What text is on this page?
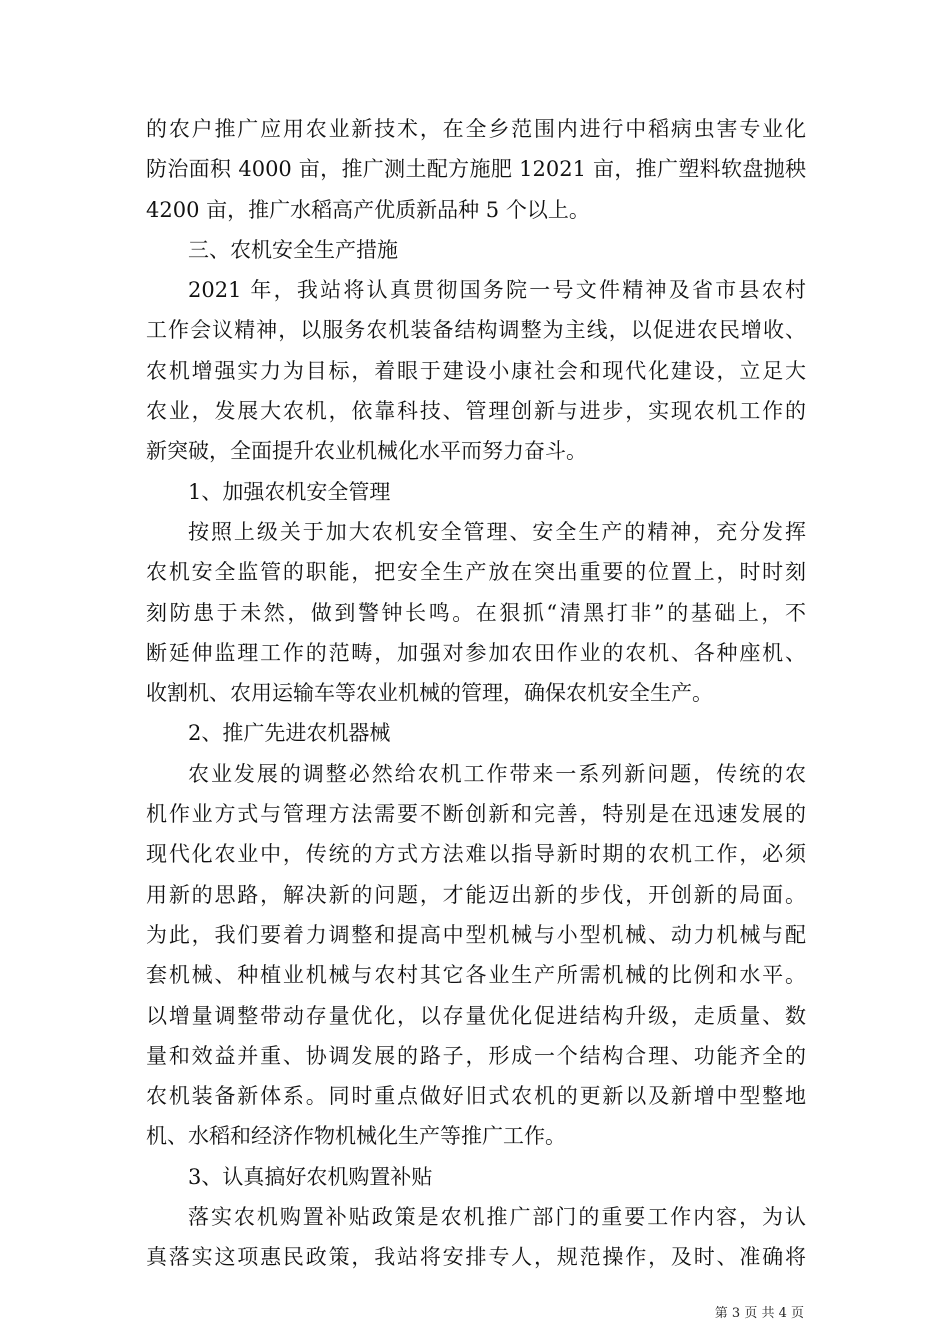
的农户推广应用农业新技术，在全乡范围内进行中稻病虫害专业化
防治面积 4000 亩，推广测土配方施肥 12021 亩，推广塑料软盘抛秧
4200 亩，推广水稻高产优质新品种 5 个以上。
三、农机安全生产措施
2021 年，我站将认真贯彻国务院一号文件精神及省市县农村
工作会议精神，以服务农机装备结构调整为主线，以促进农民增收、
农机增强实力为目标，着眼于建设小康社会和现代化建设，立足大
农业，发展大农机，依靠科技、管理创新与进步，实现农机工作的
新突破，全面提升农业机械化水平而努力奋斗。
1、加强农机安全管理
按照上级关于加大农机安全管理、安全生产的精神，充分发挥
农机安全监管的职能，把安全生产放在突出重要的位置上，时时刻
刻防患于未然，做到警钟长鸣。在狠抓“清黑打非”的基础上，不
断延伸监理工作的范畴，加强对参加农田作业的农机、各种座机、
收割机、农用运输车等农业机械的管理，确保农机安全生产。
2、推广先进农机器械
农业发展的调整必然给农机工作带来一系列新问题，传统的农
机作业方式与管理方法需要不断创新和完善，特别是在迅速发展的
现代化农业中，传统的方式方法难以指导新时期的农机工作，必须
用新的思路，解决新的问题，才能迈出新的步伐，开创新的局面。
为此，我们要着力调整和提高中型机械与小型机械、动力机械与配
套机械、种植业机械与农村其它各业生产所需机械的比例和水平。
以增量调整带动存量优化，以存量优化促进结构升级，走质量、数
量和效益并重、协调发展的路子，形成一个结构合理、功能齐全的
农机装备新体系。同时重点做好旧式农机的更新以及新增中型整地
机、水稻和经济作物机械化生产等推广工作。
3、认真搞好农机购置补贴
落实农机购置补贴政策是农机推广部门的重要工作内容，为认
真落实这项惠民政策，我站将安排专人，规范操作，及时、准确将
第 3 页 共 4 页
